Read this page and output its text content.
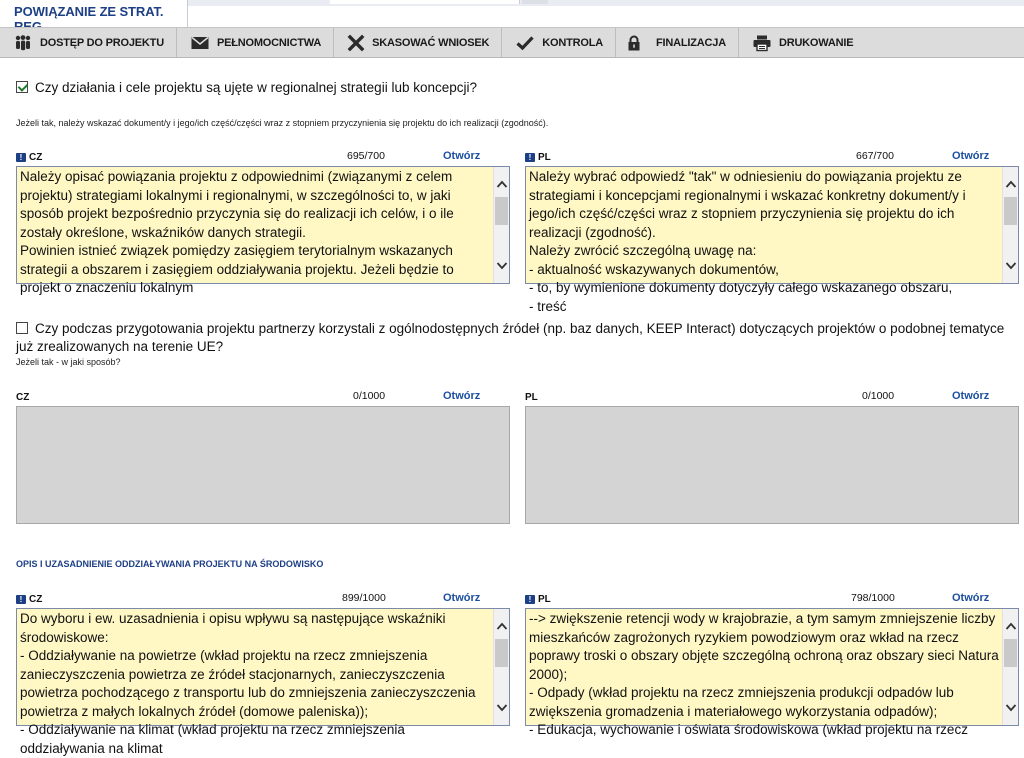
POWIĄZANIE ZE STRAT.
DOSTĘP DO PROJEKTU	PEŁNOMOCNICTWA	SKASOWAĆ WNIOSEK	KONTROLA	FINALIZACJA	DRUKOWANIE
Czy działania i cele projektu są ujęte w regionalnej strategii lub koncepcji?
Jeżeli tak, należy wskazać dokument/y i jego/ich część/części wraz z stopniem przyczynienia się projektu do ich realizacji (zgodność).
! CZ	695/700	Otwórz
Należy opisać powiązania projektu z odpowiednimi (związanymi z celem projektu) strategiami lokalnymi i regionalnymi, w szczególności to, w jaki sposób projekt bezpośrednio przyczynia się do realizacji ich celów, i o ile zostały określone, wskaźników danych strategii.
Powinien istnieć związek pomiędzy zasięgiem terytorialnym wskazanych strategii a obszarem i zasięgiem oddziaływania projektu. Jeżeli będzie to projekt o znaczeniu lokalnym
! PL	667/700	Otwórz
Należy wybrać odpowiedź "tak" w odniesieniu do powiązania projektu ze strategiami i koncepcjami regionalnymi i wskazać konkretny dokument/y i jego/ich część/części wraz z stopniem przyczynienia się projektu do ich realizacji (zgodność).
Należy zwrócić szczególną uwagę na:
- aktualność wskazywanych dokumentów,
- to, by wymienione dokumenty dotyczyły całego wskazanego obszaru,
- treść
Czy podczas przygotowania projektu partnerzy korzystali z ogólnodostępnych źródeł (np. baz danych, KEEP Interact) dotyczących projektów o podobnej tematyce już zrealizowanych na terenie UE?
Jeżeli tak - w jaki sposób?
CZ	0/1000	Otwórz	PL	0/1000	Otwórz
OPIS I UZASADNIENIE ODDZIAŁYWANIA PROJEKTU NA ŚRODOWISKO
! CZ	899/1000	Otwórz
Do wyboru i ew. uzasadnienia i opisu wpływu są następujące wskaźniki środowiskowe:
- Oddziaływanie na powietrze (wkład projektu na rzecz zmniejszenia zanieczyszczenia powietrza ze źródeł stacjonarnych, zanieczyszczenia powietrza pochodzącego z transportu lub do zmniejszenia zanieczyszczenia powietrza z małych lokalnych źródeł (domowe paleniska));
- Oddziaływanie na klimat (wkład projektu na rzecz zmniejszenia oddziaływania na klimat
! PL	798/1000	Otwórz
--> zwiększenie retencji wody w krajobrazie, a tym samym zmniejszenie liczby mieszkańców zagrożonych ryzykiem powodziowym oraz wkład na rzecz poprawy troski o obszary objęte szczególną ochroną oraz obszary sieci Natura 2000);
- Odpady (wkład projektu na rzecz zmniejszenia produkcji odpadów lub zwiększenia gromadzenia i materiałowego wykorzystania odpadów);
- Edukacja, wychowanie i oświata środowiskowa (wkład projektu na rzecz
